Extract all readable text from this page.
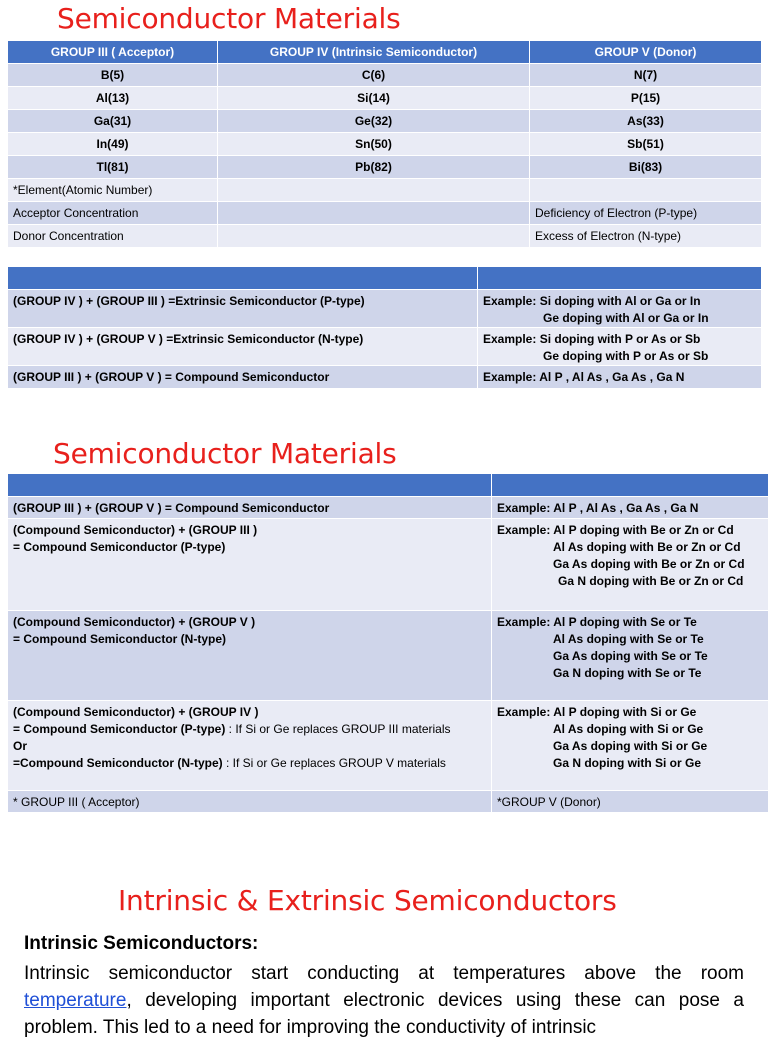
Semiconductor Materials
GROUP III ( Acceptor)	GROUP IV (Intrinsic Semiconductor)	GROUP V (Donor)
B(5)	C(6)	N(7)
Al(13)	Si(14)	P(15)
Ga(31)	Ge(32)	As(33)
In(49)	Sn(50)	Sb(51)
Tl(81)	Pb(82)	Bi(83)
*Element(Atomic Number)		
Acceptor Concentration		Deficiency of Electron (P-type)
Donor Concentration		Excess of Electron (N-type)

(GROUP IV ) + (GROUP III ) =Extrinsic Semiconductor (P-type)	Example: Si doping with Al or Ga or In
Ge doping with Al or Ga or In

(GROUP IV ) + (GROUP V ) =Extrinsic Semiconductor (N-type)	Example: Si doping with P or As or Sb
Ge doping with P or As or Sb

(GROUP III ) + (GROUP V ) = Compound Semiconductor	Example: Al P , Al As , Ga As , Ga N
Semiconductor Materials

(GROUP III ) + (GROUP V ) = Compound Semiconductor	Example: Al P , Al As , Ga As , Ga N

(Compound Semiconductor) + (GROUP III )
= Compound Semiconductor (P-type)	Example: Al P doping with Be or Zn or Cd
Al As doping with Be or Zn or Cd
Ga As doping with Be or Zn or Cd
Ga N doping with Be or Zn or Cd

(Compound Semiconductor) + (GROUP V )
= Compound Semiconductor (N-type)	Example: Al P doping with Se or Te
Al As doping with Se or Te
Ga As doping with Se or Te
Ga N doping with Se or Te

(Compound Semiconductor) + (GROUP IV )
= Compound Semiconductor (P-type) : If Si or Ge replaces GROUP III materials
Or
=Compound Semiconductor (N-type) : If Si or Ge replaces GROUP V materials	Example: Al P doping with Si or Ge
Al As doping with Si or Ge
Ga As doping with Si or Ge
Ga N doping with Si or Ge

* GROUP III ( Acceptor)	*GROUP V (Donor)
Intrinsic & Extrinsic Semiconductors
Intrinsic Semiconductors:
Intrinsic semiconductor start conducting at temperatures above the room temperature, developing important electronic devices using these can pose a problem. This led to a need for improving the conductivity of intrinsic
